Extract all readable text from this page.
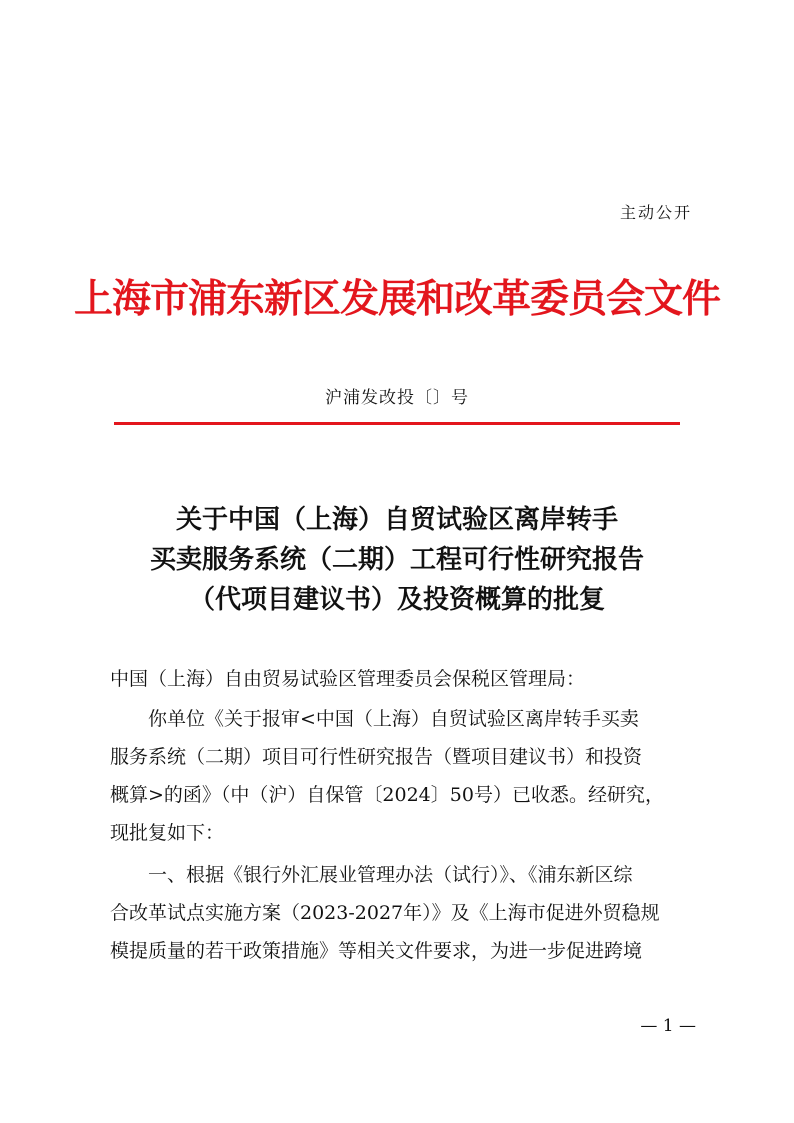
主动公开
上海市浦东新区发展和改革委员会文件
沪浦发改投〔〕号
关于中国（上海）自贸试验区离岸转手
买卖服务系统（二期）工程可行性研究报告
（代项目建议书）及投资概算的批复
中国（上海）自由贸易试验区管理委员会保税区管理局：
你单位《关于报审<中国（上海）自贸试验区离岸转手买卖
服务系统（二期）项目可行性研究报告（暨项目建议书）和投资
概算>的函》（中（沪）自保管〔2024〕50号）已收悉。经研究，
现批复如下：
一、根据《银行外汇展业管理办法（试行）》、《浦东新区综
合改革试点实施方案（2023-2027年）》及《上海市促进外贸稳规
模提质量的若干政策措施》等相关文件要求，为进一步促进跨境
— 1 —
